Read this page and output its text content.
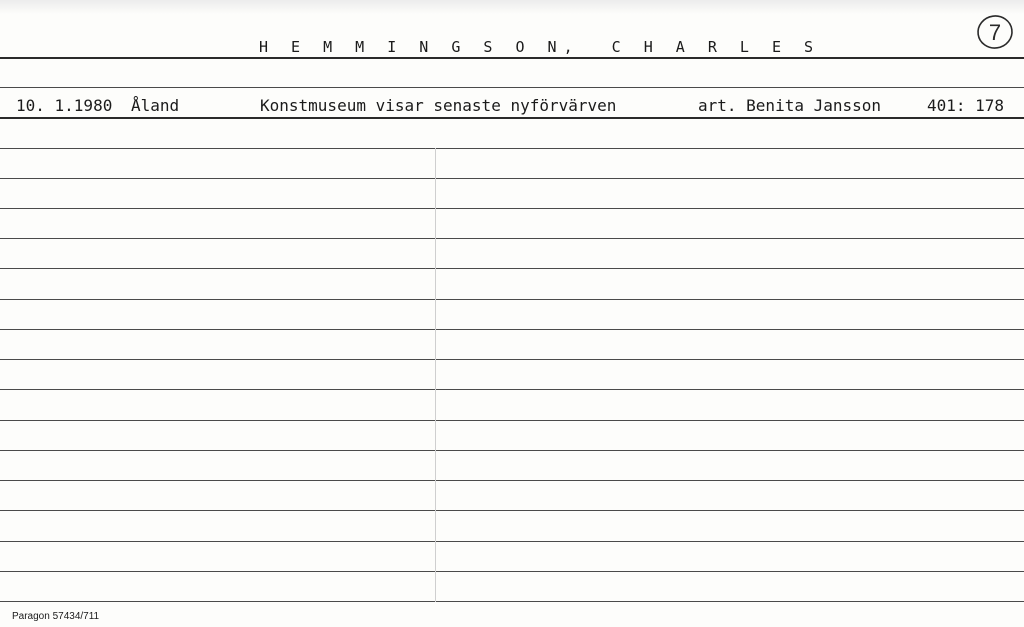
H E M M I N G S O N,  C H A R L E S
7
10. 1.1980 Åland	Konstmuseum visar senaste nyförvärven	art. Benita Jansson	401: 178
Paragon 57434/711
